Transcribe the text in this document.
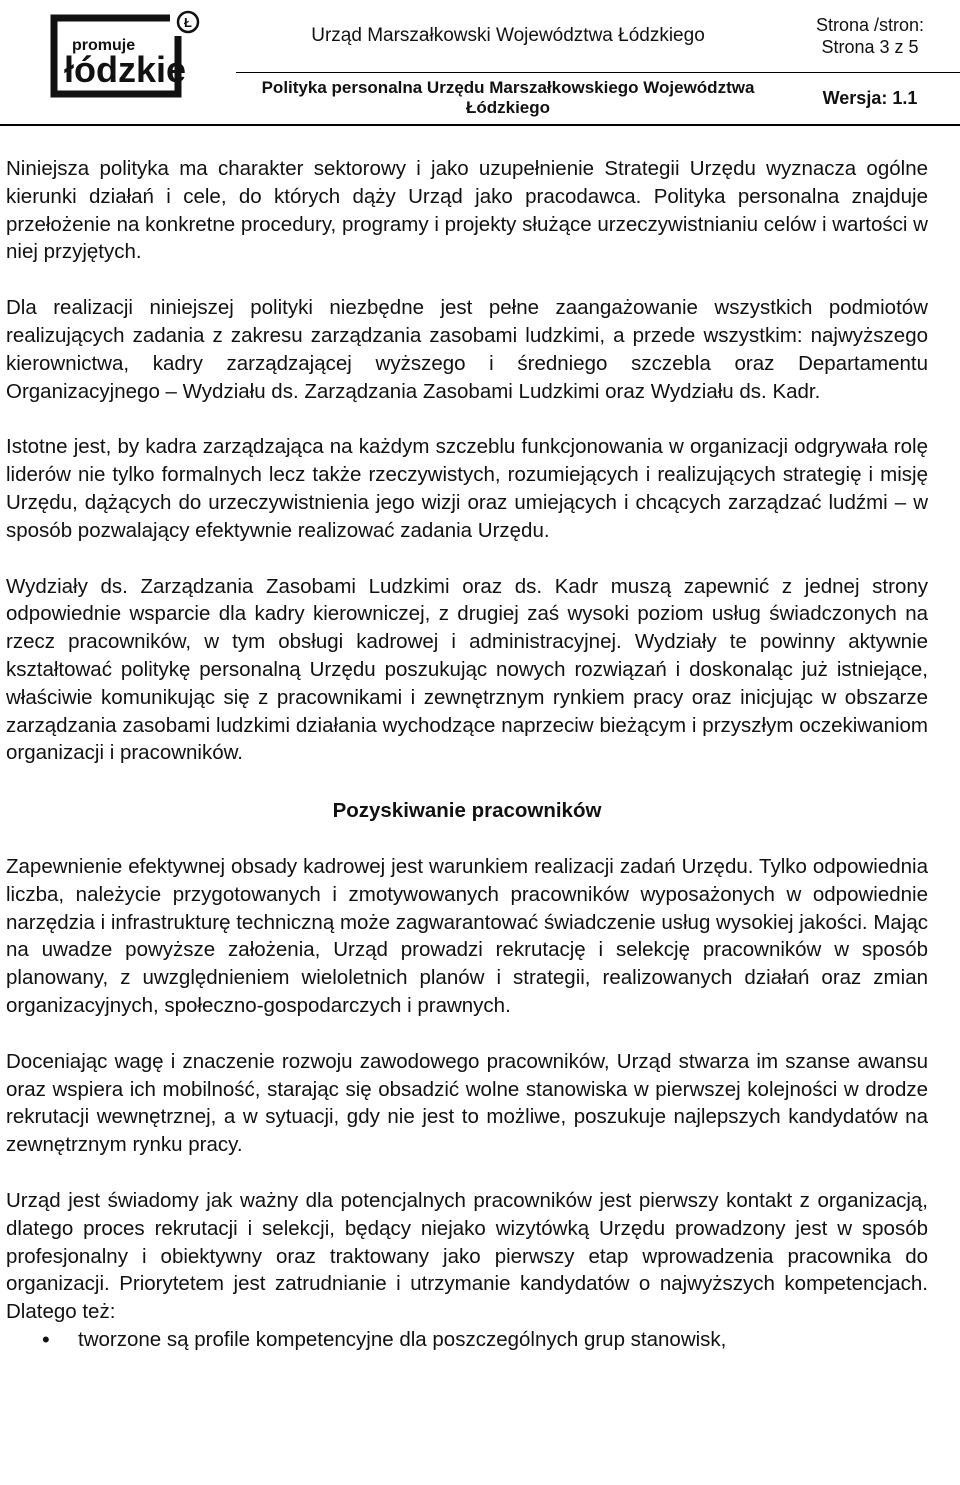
Ł
promuje
łódzkie
Urząd Marszałkowski Województwa Łódzkiego
Polityka personalna Urzędu Marszałkowskiego Województwa Łódzkiego
Strona /stron:
Strona 3 z 5
Wersja: 1.1

Niniejsza polityka ma charakter sektorowy i jako uzupełnienie Strategii Urzędu wyznacza ogólne kierunki działań i cele, do których dąży Urząd jako pracodawca. Polityka personalna znajduje przełożenie na konkretne procedury, programy i projekty służące urzeczywistnianiu celów i wartości w niej przyjętych.

Dla realizacji niniejszej polityki niezbędne jest pełne zaangażowanie wszystkich podmiotów realizujących zadania z zakresu zarządzania zasobami ludzkimi, a przede wszystkim: najwyższego kierownictwa, kadry zarządzającej wyższego i średniego szczebla oraz Departamentu Organizacyjnego – Wydziału ds. Zarządzania Zasobami Ludzkimi oraz Wydziału ds. Kadr.

Istotne jest, by kadra zarządzająca na każdym szczeblu funkcjonowania w organizacji odgrywała rolę liderów nie tylko formalnych lecz także rzeczywistych, rozumiejących i realizujących strategię i misję Urzędu, dążących do urzeczywistnienia jego wizji oraz umiejących i chcących zarządzać ludźmi – w sposób pozwalający efektywnie realizować zadania Urzędu.

Wydziały ds. Zarządzania Zasobami Ludzkimi oraz ds. Kadr muszą zapewnić z jednej strony odpowiednie wsparcie dla kadry kierowniczej, z drugiej zaś wysoki poziom usług świadczonych na rzecz pracowników, w tym obsługi kadrowej i administracyjnej. Wydziały te powinny aktywnie kształtować politykę personalną Urzędu poszukując nowych rozwiązań i doskonaląc już istniejące, właściwie komunikując się z pracownikami i zewnętrznym rynkiem pracy oraz inicjując w obszarze zarządzania zasobami ludzkimi działania wychodzące naprzeciw bieżącym i przyszłym oczekiwaniom organizacji i pracowników.

Pozyskiwanie pracowników

Zapewnienie efektywnej obsady kadrowej jest warunkiem realizacji zadań Urzędu. Tylko odpowiednia liczba, należycie przygotowanych i zmotywowanych pracowników wyposażonych w odpowiednie narzędzia i infrastrukturę techniczną może zagwarantować świadczenie usług wysokiej jakości. Mając na uwadze powyższe założenia, Urząd prowadzi rekrutację i selekcję pracowników w sposób planowany, z uwzględnieniem wieloletnich planów i strategii, realizowanych działań oraz zmian organizacyjnych, społeczno-gospodarczych i prawnych.

Doceniając wagę i znaczenie rozwoju zawodowego pracowników, Urząd stwarza im szanse awansu oraz wspiera ich mobilność, starając się obsadzić wolne stanowiska w pierwszej kolejności w drodze rekrutacji wewnętrznej, a w sytuacji, gdy nie jest to możliwe, poszukuje najlepszych kandydatów na zewnętrznym rynku pracy.

Urząd jest świadomy jak ważny dla potencjalnych pracowników jest pierwszy kontakt z organizacją, dlatego proces rekrutacji i selekcji, będący niejako wizytówką Urzędu prowadzony jest w sposób profesjonalny i obiektywny oraz traktowany jako pierwszy etap wprowadzenia pracownika do organizacji. Priorytetem jest zatrudnianie i utrzymanie kandydatów o najwyższych kompetencjach. Dlatego też:

• tworzone są profile kompetencyjne dla poszczególnych grup stanowisk,
